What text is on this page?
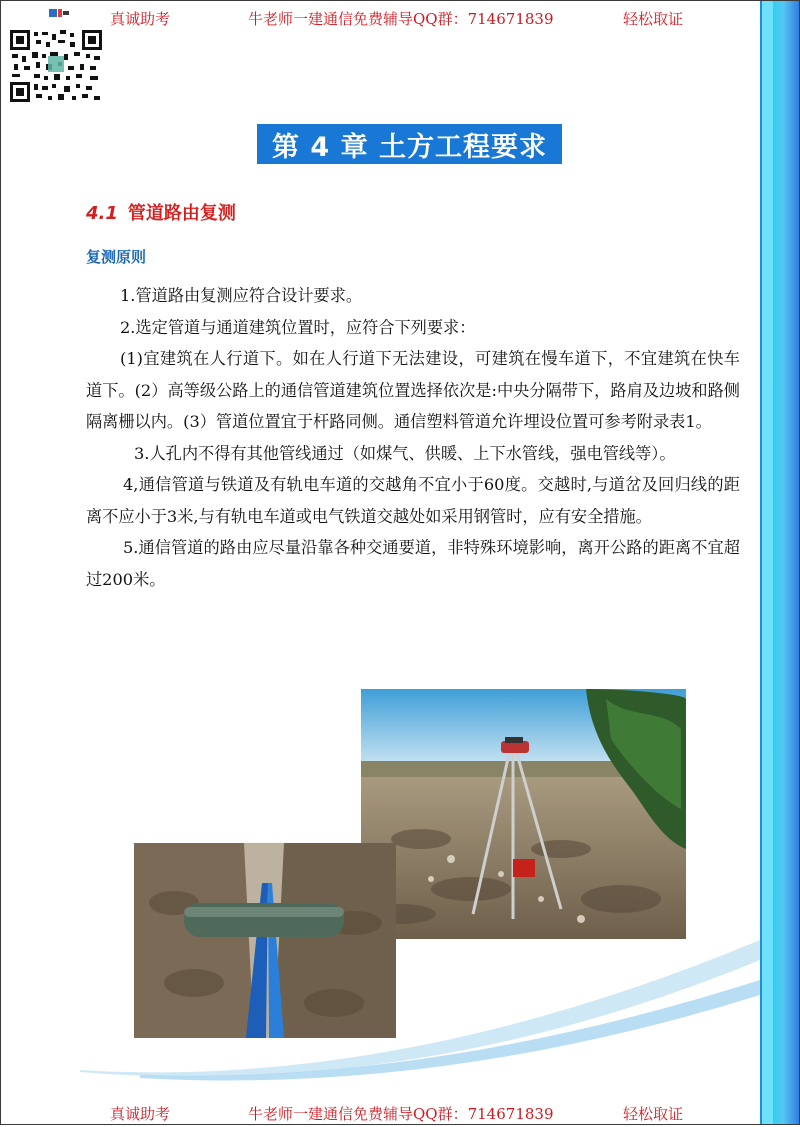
真诚助考	牛老师一建通信免费辅导QQ群：714671839	轻松取证
第 4 章 土方工程要求
4.1 管道路由复测
复测原则

1.管道路由复测应符合设计要求。

2.选定管道与通道建筑位置时，应符合下列要求：

(1)宜建筑在人行道下。如在人行道下无法建设，可建筑在慢车道下，不宜建筑在快车道下。(2）高等级公路上的通信管道建筑位置选择依次是:中央分隔带下，路肩及边坡和路侧隔离栅以内。(3）管道位置宜于杆路同侧。通信塑料管道允许埋设位置可参考附录表1。

3.人孔内不得有其他管线通过（如煤气、供暖、上下水管线，强电管线等）。

4,通信管道与铁道及有轨电车道的交越角不宜小于60度。交越时,与道岔及回归线的距离不应小于3米,与有轨电车道或电气铁道交越处如采用钢管时，应有安全措施。

5.通信管道的路由应尽量沿靠各种交通要道，非特殊环境影响，离开公路的距离不宜超过200米。

真诚助考	牛老师一建通信免费辅导QQ群：714671839	轻松取证
